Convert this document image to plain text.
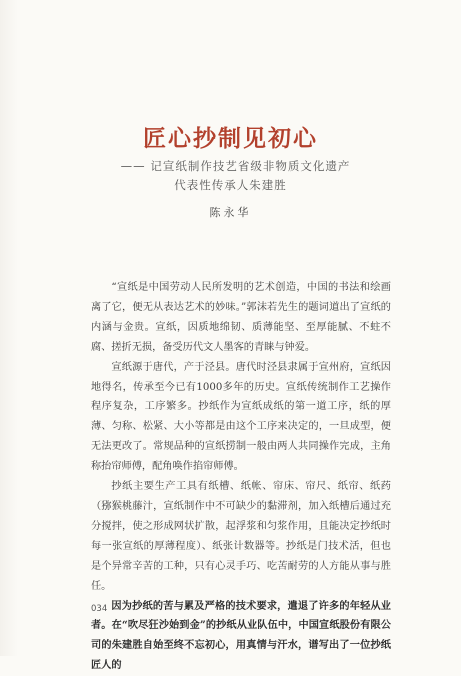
匠心抄制见初心
—— 记宣纸制作技艺省级非物质文化遗产
代表性传承人朱建胜
陈永华

“宣纸是中国劳动人民所发明的艺术创造，中国的书法和绘画离了它，便无从表达艺术的妙味。”郭沫若先生的题词道出了宣纸的内涵与金贵。宣纸，因质地绵韧、质薄能坚、至厚能腻、不蛀不腐、搓折无损，备受历代文人墨客的青睐与钟爱。

宣纸源于唐代，产于泾县。唐代时泾县隶属于宣州府，宣纸因地得名，传承至今已有1000多年的历史。宣纸传统制作工艺操作程序复杂，工序繁多。抄纸作为宣纸成纸的第一道工序，纸的厚薄、匀称、松紧、大小等都是由这个工序来决定的，一旦成型，便无法更改了。常规品种的宣纸捞制一般由两人共同操作完成，主角称抬帘师傅，配角唤作掐帘师傅。

抄纸主要生产工具有纸槽、纸帐、帘床、帘尺、纸帘、纸药（猕猴桃藤汁，宣纸制作中不可缺少的黏滞剂，加入纸槽后通过充分搅拌，使之形成网状扩散，起浮浆和匀浆作用，且能决定抄纸时每一张宣纸的厚薄程度）、纸张计数器等。抄纸是门技术活，但也是个异常辛苦的工种，只有心灵手巧、吃苦耐劳的人方能从事与胜任。

因为抄纸的苦与累及严格的技术要求，遣退了许多的年轻从业者。在“吹尽狂沙始到金”的抄纸从业队伍中，中国宣纸股份有限公司的朱建胜自始至终不忘初心，用真情与汗水，谱写出了一位抄纸匠人的

034
